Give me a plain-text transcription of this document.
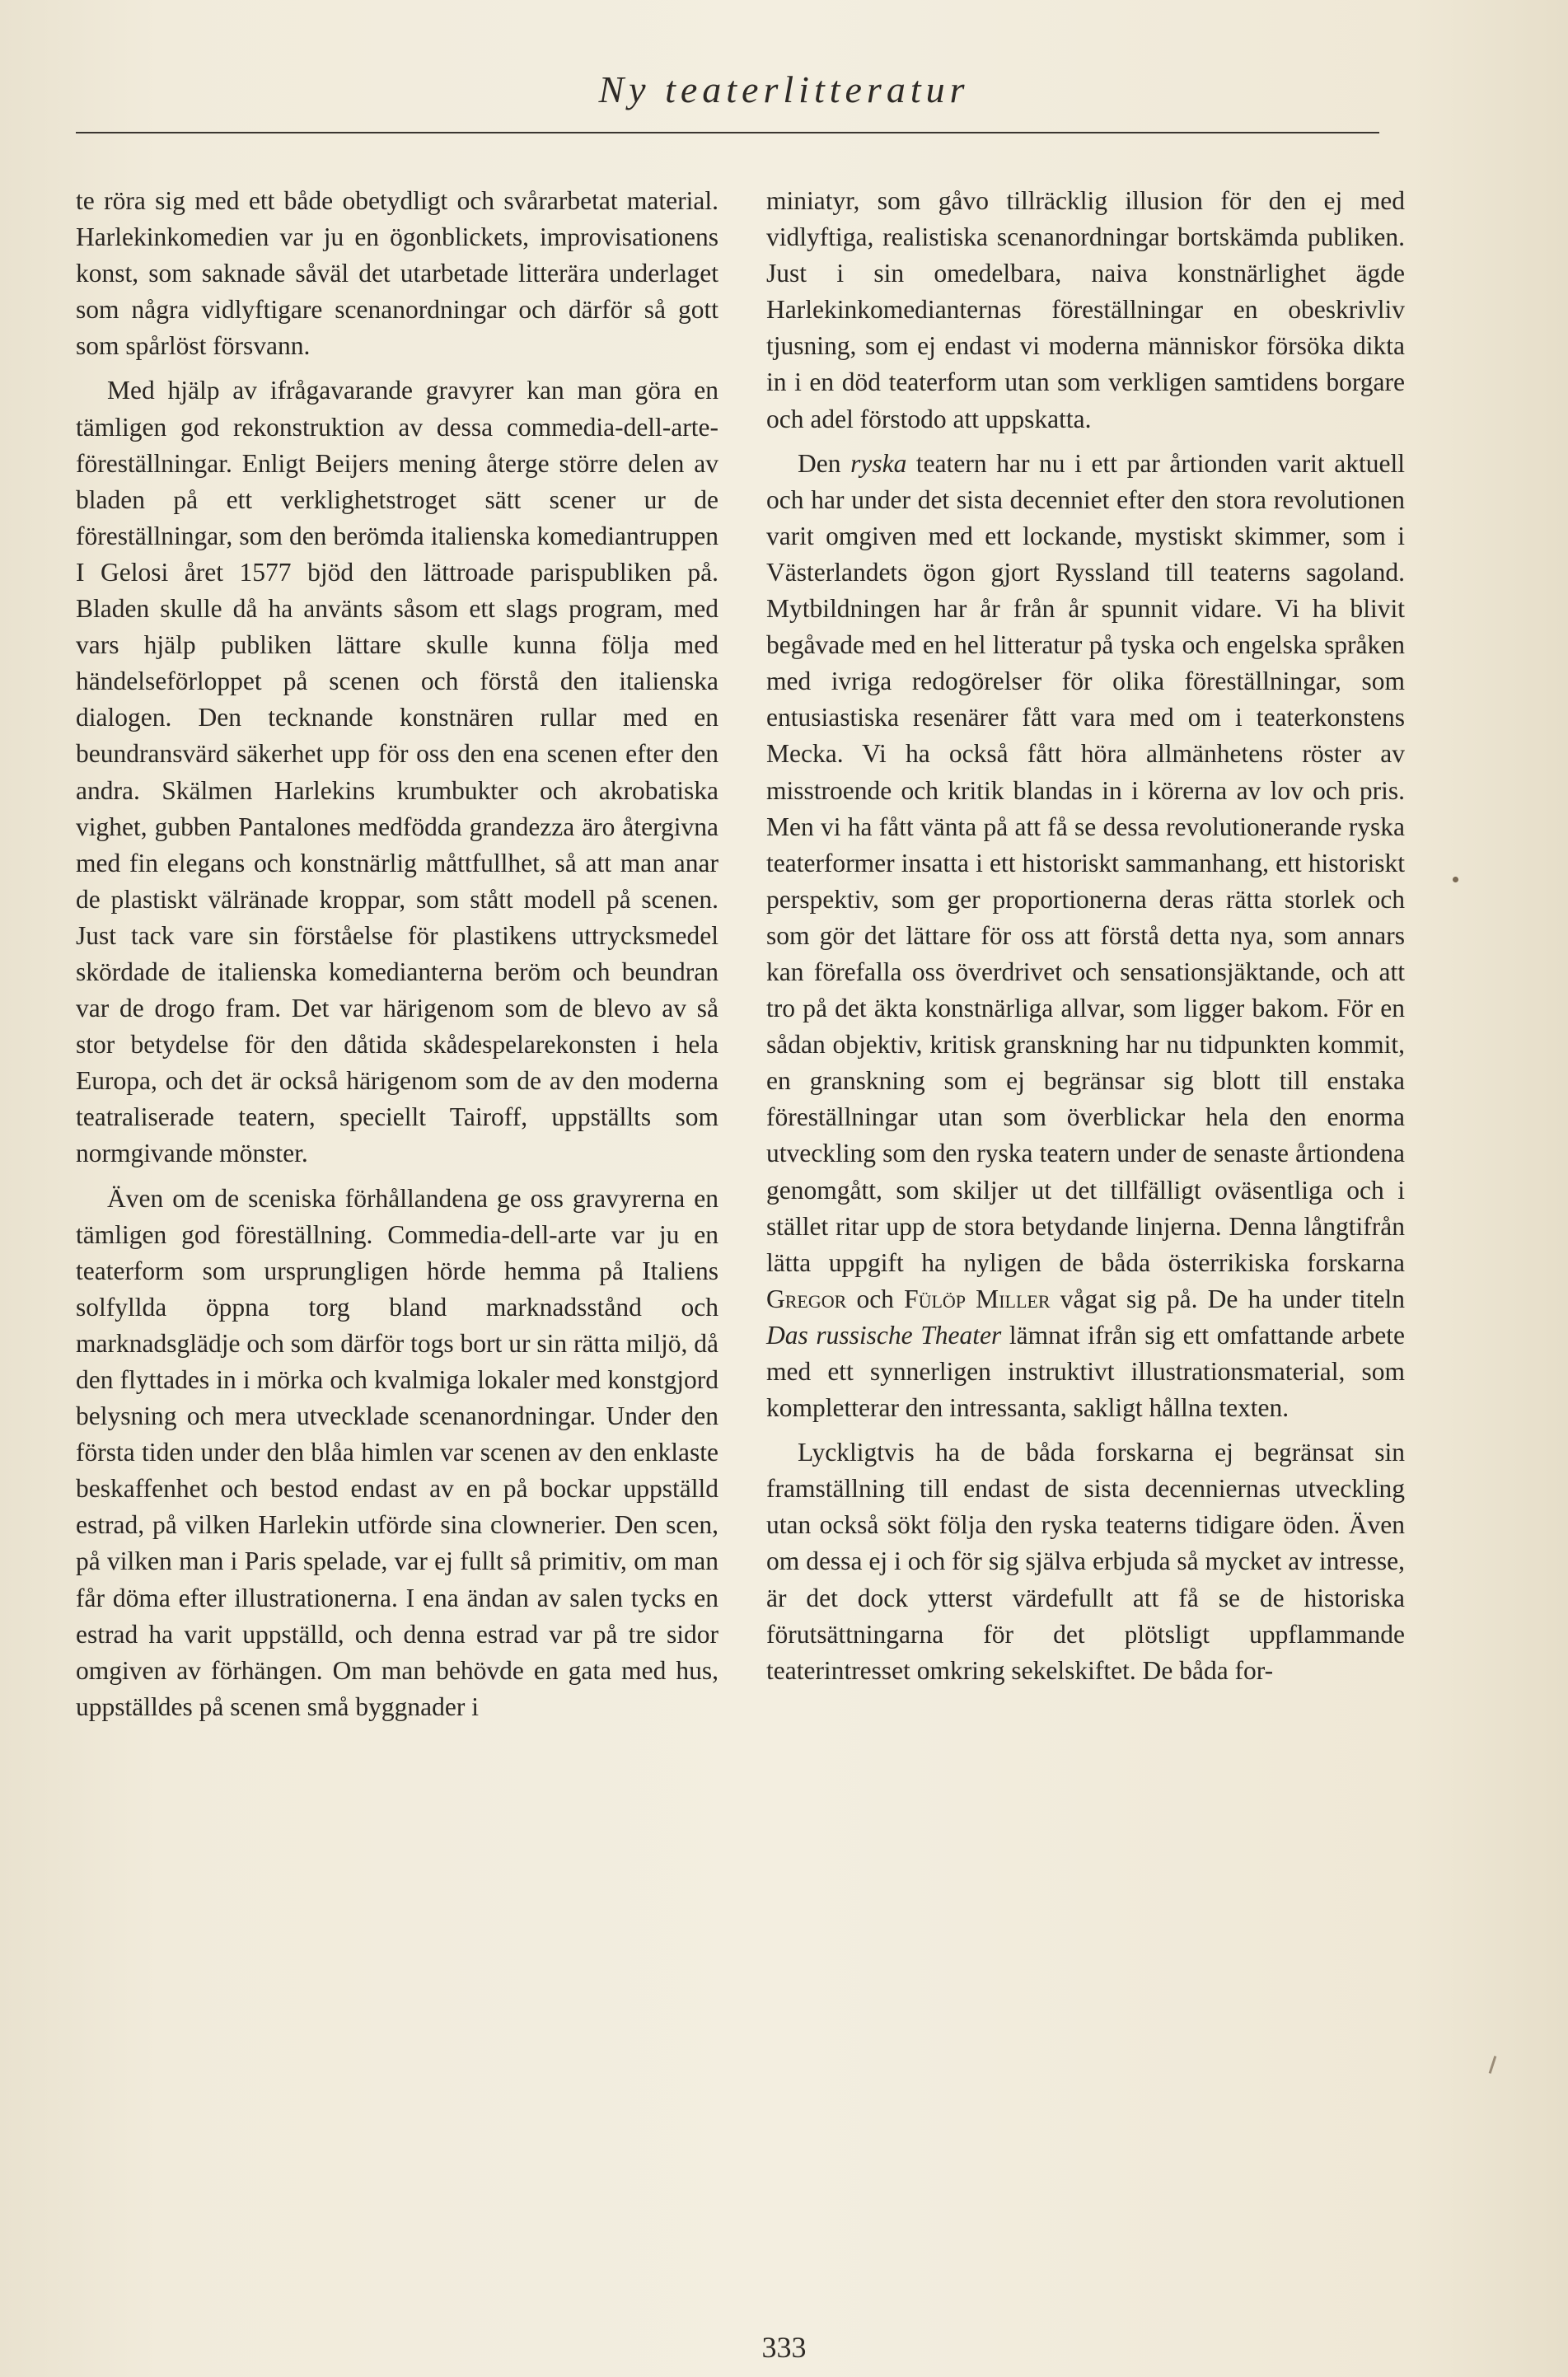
Ny teaterlitteratur

te röra sig med ett både obetydligt och svårarbetat material. Harlekinkomedien var ju en ögonblickets, improvisationens konst, som saknade såväl det utarbetade litterära underlaget som några vidlyftigare scenanordningar och därför så gott som spårlöst försvann.

Med hjälp av ifrågavarande gravyrer kan man göra en tämligen god rekonstruktion av dessa commedia-dell-arte-föreställningar. Enligt Beijers mening återge större delen av bladen på ett verklighetstroget sätt scener ur de föreställningar, som den berömda italienska komediantruppen I Gelosi året 1577 bjöd den lättroade parispubliken på. Bladen skulle då ha använts såsom ett slags program, med vars hjälp publiken lättare skulle kunna följa med händelseförloppet på scenen och förstå den italienska dialogen. Den tecknande konstnären rullar med en beundransvärd säkerhet upp för oss den ena scenen efter den andra. Skälmen Harlekins krumbukter och akrobatiska vighet, gubben Pantalones medfödda grandezza äro återgivna med fin elegans och konstnärlig måttfullhet, så att man anar de plastiskt välränade kroppar, som stått modell på scenen. Just tack vare sin förståelse för plastikens uttrycksmedel skördade de italienska komedianterna beröm och beundran var de drogo fram. Det var härigenom som de blevo av så stor betydelse för den dåtida skådespelarekonsten i hela Europa, och det är också härigenom som de av den moderna teatraliserade teatern, speciellt Tairoff, uppställts som normgivande mönster.

Även om de sceniska förhållandena ge oss gravyrerna en tämligen god föreställning. Commedia-dell-arte var ju en teaterform som ursprungligen hörde hemma på Italiens solfyllda öppna torg bland marknadsstånd och marknadsglädje och som därför togs bort ur sin rätta miljö, då den flyttades in i mörka och kvalmiga lokaler med konstgjord belysning och mera utvecklade scenanordningar. Under den första tiden under den blåa himlen var scenen av den enklaste beskaffenhet och bestod endast av en på bockar uppställd estrad, på vilken Harlekin utförde sina clownerier. Den scen, på vilken man i Paris spelade, var ej fullt så primitiv, om man får döma efter illustrationerna. I ena ändan av salen tycks en estrad ha varit uppställd, och denna estrad var på tre sidor omgiven av förhängen. Om man behövde en gata med hus, uppställdes på scenen små byggnader i

miniatyr, som gåvo tillräcklig illusion för den ej med vidlyftiga, realistiska scenanordningar bortskämda publiken. Just i sin omedelbara, naiva konstnärlighet ägde Harlekinkomedianternas föreställningar en obeskrivliv tjusning, som ej endast vi moderna människor försöka dikta in i en död teaterform utan som verkligen samtidens borgare och adel förstodo att uppskatta.

Den ryska teatern har nu i ett par årtionden varit aktuell och har under det sista decenniet efter den stora revolutionen varit omgiven med ett lockande, mystiskt skimmer, som i Västerlandets ögon gjort Ryssland till teaterns sagoland. Mytbildningen har år från år spunnit vidare. Vi ha blivit begåvade med en hel litteratur på tyska och engelska språken med ivriga redogörelser för olika föreställningar, som entusiastiska resenärer fått vara med om i teaterkonstens Mecka. Vi ha också fått höra allmänhetens röster av misstroende och kritik blandas in i körerna av lov och pris. Men vi ha fått vänta på att få se dessa revolutionerande ryska teaterformer insatta i ett historiskt sammanhang, ett historiskt perspektiv, som ger proportionerna deras rätta storlek och som gör det lättare för oss att förstå detta nya, som annars kan förefalla oss överdrivet och sensationsjäktande, och att tro på det äkta konstnärliga allvar, som ligger bakom. För en sådan objektiv, kritisk granskning har nu tidpunkten kommit, en granskning som ej begränsar sig blott till enstaka föreställningar utan som överblickar hela den enorma utveckling som den ryska teatern under de senaste årtiondena genomgått, som skiljer ut det tillfälligt oväsentliga och i stället ritar upp de stora betydande linjerna. Denna långtifrån lätta uppgift ha nyligen de båda österrikiska forskarna Gregor och Fülöp Miller vågat sig på. De ha under titeln Das russische Theater lämnat ifrån sig ett omfattande arbete med ett synnerligen instruktivt illustrationsmaterial, som kompletterar den intressanta, sakligt hållna texten.

Lyckligtvis ha de båda forskarna ej begränsat sin framställning till endast de sista decenniernas utveckling utan också sökt följa den ryska teaterns tidigare öden. Även om dessa ej i och för sig själva erbjuda så mycket av intresse, är det dock ytterst värdefullt att få se de historiska förutsättningarna för det plötsligt uppflammande teaterintresset omkring sekelskiftet. De båda for-

333
